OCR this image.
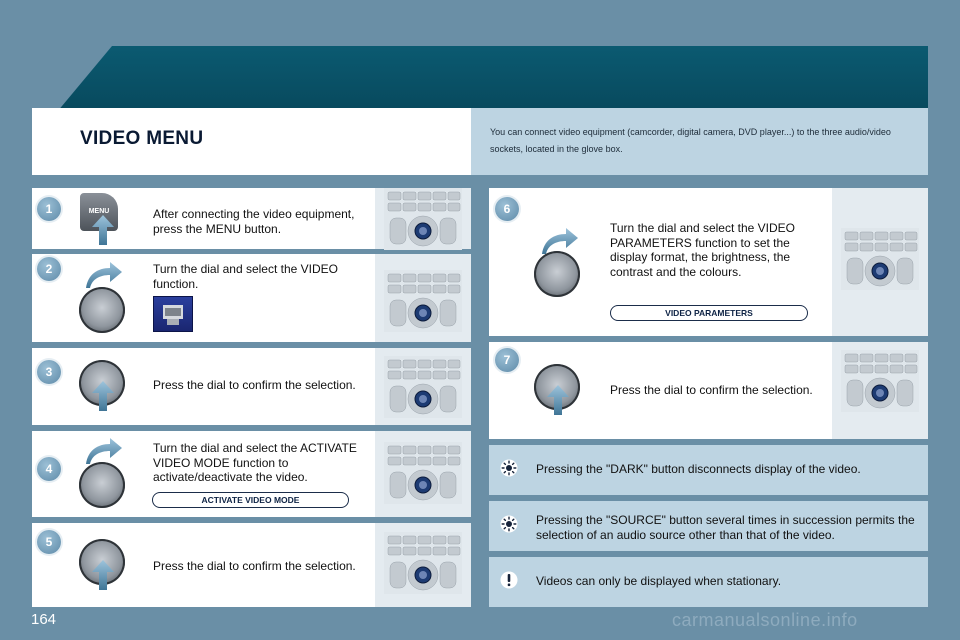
VIDEO MENU	You can connect video equipment (camcorder, digital camera, DVD player...) to the three audio/video sockets, located in the glove box.
1	MENU	After connecting the video equipment, press the MENU button.
2	Turn the dial and select the VIDEO function.
3
Press the dial to confirm the selection.
4
Turn the dial and select the ACTIVATE VIDEO MODE function to activate/deactivate the video.
ACTIVATE VIDEO MODE
5
Press the dial to confirm the selection.
6
Turn the dial and select the VIDEO PARAMETERS function to set the display format, the brightness, the contrast and the colours.
VIDEO PARAMETERS
7
Press the dial to confirm the selection.
Pressing the "DARK" button disconnects display of the video.
Pressing the "SOURCE" button several times in succession permits the selection of an audio source other than that of the video.
Videos can only be displayed when stationary.
164	carmanualsonline.info
